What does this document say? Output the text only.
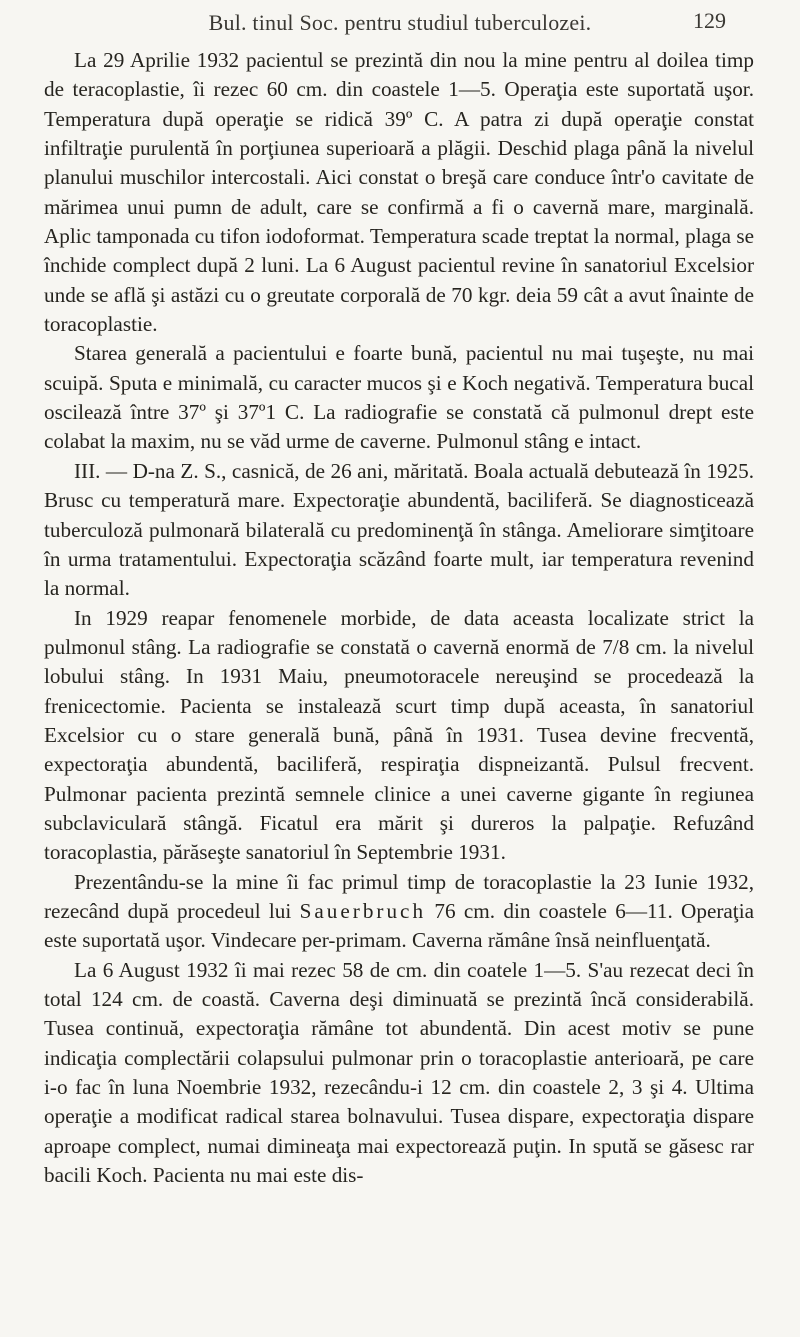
Bul. tinul Soc. pentru studiul tuberculozei.	129

La 29 Aprilie 1932 pacientul se prezintă din nou la mine pentru al doilea timp de teracoplastie, îi rezec 60 cm. din coastele 1—5. Operaţia este suportată uşor. Temperatura după operaţie se ridică 39º C. A patra zi după operaţie constat infiltraţie purulentă în porţiunea superioară a plăgii. Deschid plaga până la nivelul planului muschilor intercostali. Aici constat o breşă care conduce într'o cavitate de mărimea unui pumn de adult, care se confirmă a fi o cavernă mare, marginală. Aplic tamponada cu tifon iodoformat. Temperatura scade treptat la normal, plaga se închide complect după 2 luni. La 6 August pacientul revine în sanatoriul Excelsior unde se află şi astăzi cu o greutate corporală de 70 kgr. deia 59 cât a avut înainte de toracoplastie.

Starea generală a pacientului e foarte bună, pacientul nu mai tuşeşte, nu mai scuipă. Sputa e minimală, cu caracter mucos şi e Koch negativă. Temperatura bucal oscilează între 37º şi 37º1 C. La radiografie se constată că pulmonul drept este colabat la maxim, nu se văd urme de caverne. Pulmonul stâng e intact.

III. — D-na Z. S., casnică, de 26 ani, măritată. Boala actuală debutează în 1925. Brusc cu temperatură mare. Expectoraţie abundentă, baciliferă. Se diagnosticează tuberculoză pulmonară bilaterală cu predominenţă în stânga. Ameliorare simţitoare în urma tratamentului. Expectoraţia scăzând foarte mult, iar temperatura revenind la normal.

In 1929 reapar fenomenele morbide, de data aceasta localizate strict la pulmonul stâng. La radiografie se constată o cavernă enormă de 7/8 cm. la nivelul lobului stâng. In 1931 Maiu, pneumotoracele nereuşind se procedează la frenicectomie. Pacienta se instalează scurt timp după aceasta, în sanatoriul Excelsior cu o stare generală bună, până în 1931. Tusea devine frecventă, expectoraţia abundentă, baciliferă, respiraţia dispneizantă. Pulsul frecvent. Pulmonar pacienta prezintă semnele clinice a unei caverne gigante în regiunea subclaviculară stângă. Ficatul era mărit şi dureros la palpaţie. Refuzând toracoplastia, părăseşte sanatoriul în Septembrie 1931.

Prezentându-se la mine îi fac primul timp de toracoplastie la 23 Iunie 1932, rezecând după procedeul lui Sauerbruch 76 cm. din coastele 6—11. Operaţia este suportată uşor. Vindecare per-primam. Caverna rămâne însă neinfluenţată.

La 6 August 1932 îi mai rezec 58 de cm. din coatele 1—5. S'au rezecat deci în total 124 cm. de coastă. Caverna deşi diminuată se prezintă încă considerabilă. Tusea continuă, expectoraţia rămâne tot abundentă. Din acest motiv se pune indicaţia complectării colapsului pulmonar prin o toracoplastie anterioară, pe care i-o fac în luna Noembrie 1932, rezecându-i 12 cm. din coastele 2, 3 şi 4. Ultima operaţie a modificat radical starea bolnavului. Tusea dispare, expectoraţia dispare aproape complect, numai dimineaţa mai expectorează puţin. In spută se găsesc rar bacili Koch. Pacienta nu mai este dis-
